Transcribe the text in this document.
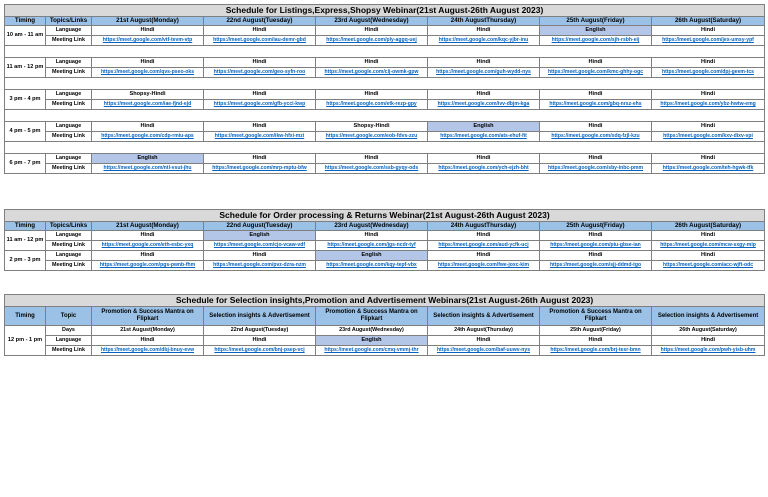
Schedule for Listings,Express,Shopsy Webinar(21st August-26th August 2023)							
Timing	Topics/Links	21st August(Monday)	22nd August(Tuesday)	23rd August(Wednesday)	24th AugustThursday)	25th August(Friday)	26th August(Saturday)
10 am - 11 am	Language	Hindi	Hindi	Hindi	Hindi	English	Hindi
	Meeting Link	https://meet.google.com/vtf-tevm-vtp	https://meet.google.com/iau-demr-gbd	https://meet.google.com/ply-aggq-uej	https://meet.google.com/kqc-yjbr-inu	https://meet.google.com/sjh-rsbh-eij	https://meet.google.com/jex-umsy-ypf

11 am - 12 pm	Language	Hindi	Hindi	Hindi	Hindi	Hindi	Hindi
	Meeting Link	https://meet.google.com/qvs-pseo-oks	https://meet.google.com/geo-syfn-roo	https://meet.google.com/cij-owmk-gpw	https://meet.google.com/guh-wydd-nys	https://meet.google.com/kmc-ghhy-ogc	https://meet.google.com/dpj-geem-tcs

3 pm - 4 pm	Language	Shopsy-Hindi	Hindi	Hindi	Hindi	Hindi	Hindi
	Meeting Link	https://meet.google.com/iae-fjnd-ejd	https://meet.google.com/gfb-ycci-kwp	https://meet.google.com/etk-rezp-gpy	https://meet.google.com/ivv-dbjm-kga	https://meet.google.com/gbq-nrsz-ehs	https://meet.google.com/ybz-hwtw-emg

4 pm - 5 pm	Language	Hindi	Hindi	Shopsy-Hindi	English	Hindi	Hindi
	Meeting Link	https://meet.google.com/cdp-rmiu-aps	https://meet.google.com/ikw-hfxi-mzi	https://meet.google.com/eob-fdvs-zzu	https://meet.google.com/ats-ehuf-fit	https://meet.google.com/xdq-fzjl-kzu	https://meet.google.com/kxv-dixv-vpi

6 pm - 7 pm	Language	English	Hindi	Hindi	Hindi	Hindi	Hindi
	Meeting Link	https://meet.google.com/ntl-vsut-jhu	https://meet.google.com/mrp-mptu-bfw	https://meet.google.com/ssb-gyqy-ods	https://meet.google.com/ych-ejzh-bht	https://meet.google.com/sby-inbc-pmm	https://meet.google.com/teh-hgwk-tfk
Schedule for Order processing & Returns Webinar(21st August-26th August 2023)							
Timing	Topics/Links	21st August(Monday)	22nd August(Tuesday)	23rd August(Wednesday)	24th AugustThursday)	25th August(Friday)	26th August(Saturday)
11 am - 12 pm	Language	Hindi	English	Hindi	Hindi	Hindi	Hindi
	Meeting Link	https://meet.google.com/eth-esbc-yxq	https://meet.google.com/cjo-vcaw-vdf	https://meet.google.com/jgs-ncdr-tyf	https://meet.google.com/aud-ycfk-ucj	https://meet.google.com/piu-gbse-ian	https://meet.google.com/mcw-sxgy-mip
2 pm - 3 pm	Language	Hindi	Hindi	English	Hindi	Hindi	Hindi
	Meeting Link	https://meet.google.com/pgs-pwnb-fhm	https://meet.google.com/pvz-dzra-nzm	https://meet.google.com/kqy-tepf-vbx	https://meet.google.com/fwe-joxc-kim	https://meet.google.com/sjj-ddmd-tgo	https://meet.google.com/acc-wjft-odc
Schedule for Selection insights,Promotion and Advertisement Webinars(21st August-26th August 2023)							
Timing	Topic	Promotion & Success Mantra on Flipkart	Selection insights & Advertisement	Promotion & Success Mantra on Flipkart	Selection insights & Advertisement	Promotion & Success Mantra on Flipkart	Selection insights & Advertisement
12 pm - 1 pm	Days	21st August(Monday)	22nd August(Tuesday)	23rd August(Wednesday)	24th August(Thursday)	25th August(Friday)	26th August(Saturday)
	Language	Hindi	Hindi	English	Hindi	Hindi	Hindi
	Meeting Link	https://meet.google.com/dbj-bnuy-evw	https://meet.google.com/bnj-psep-vcj	https://meet.google.com/cmq-vmmj-thr	https://meet.google.com/baf-uuwv-nys	https://meet.google.com/brj-tesr-bmn	https://meet.google.com/pwh-yisb-uhm
